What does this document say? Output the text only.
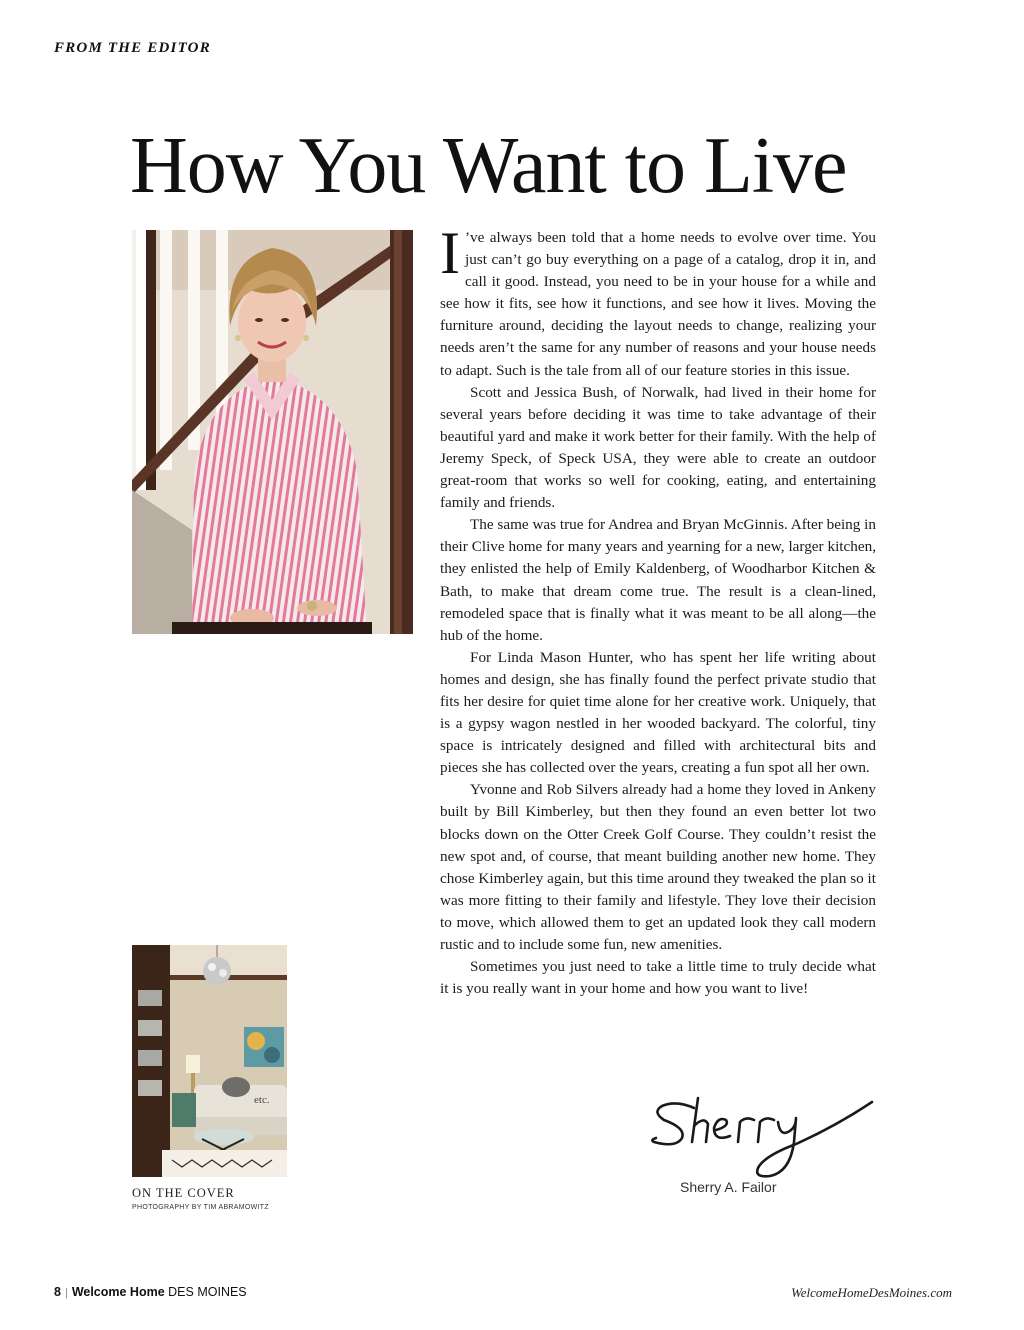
FROM THE EDITOR
How You Want to Live

I ’ve always been told that a home needs to evolve over time. You just can’t go buy everything on a page of a catalog, drop it in, and call it good. Instead, you need to be in your house for a while and see how it fits, see how it functions, and see how it lives. Moving the furniture around, deciding the layout needs to change, realizing your needs aren’t the same for any number of reasons and your house needs to adapt. Such is the tale from all of our feature stories in this issue.

Scott and Jessica Bush, of Norwalk, had lived in their home for several years before deciding it was time to take advantage of their beautiful yard and make it work better for their family. With the help of Jeremy Speck, of Speck USA, they were able to create an outdoor great-room that works so well for cooking, eating, and entertaining family and friends.

The same was true for Andrea and Bryan McGinnis. After being in their Clive home for many years and yearning for a new, larger kitchen, they enlisted the help of Emily Kaldenberg, of Woodharbor Kitchen & Bath, to make that dream come true. The result is a clean-lined, remodeled space that is finally what it was meant to be all along—the hub of the home.

For Linda Mason Hunter, who has spent her life writing about homes and design, she has finally found the perfect private studio that fits her desire for quiet time alone for her creative work. Uniquely, that is a gypsy wagon nestled in her wooded backyard. The colorful, tiny space is intricately designed and filled with architectural bits and pieces she has collected over the years, creating a fun spot all her own.

Yvonne and Rob Silvers already had a home they loved in Ankeny built by Bill Kimberley, but then they found an even better lot two blocks down on the Otter Creek Golf Course. They couldn’t resist the new spot and, of course, that meant building another new home. They chose Kimberley again, but this time around they tweaked the plan so it was more fitting to their family and lifestyle. They love their decision to move, which allowed them to get an updated look they call modern rustic and to include some fun, new amenities.

Sometimes you just need to take a little time to truly decide what it is you really want in your home and how you want to live!

etc.
ON THE COVER
PHOTOGRAPHY BY TIM ABRAMOWITZ
Sherry A. Failor
8 | Welcome Home DES MOINES	WelcomeHomeDesMoines.com
